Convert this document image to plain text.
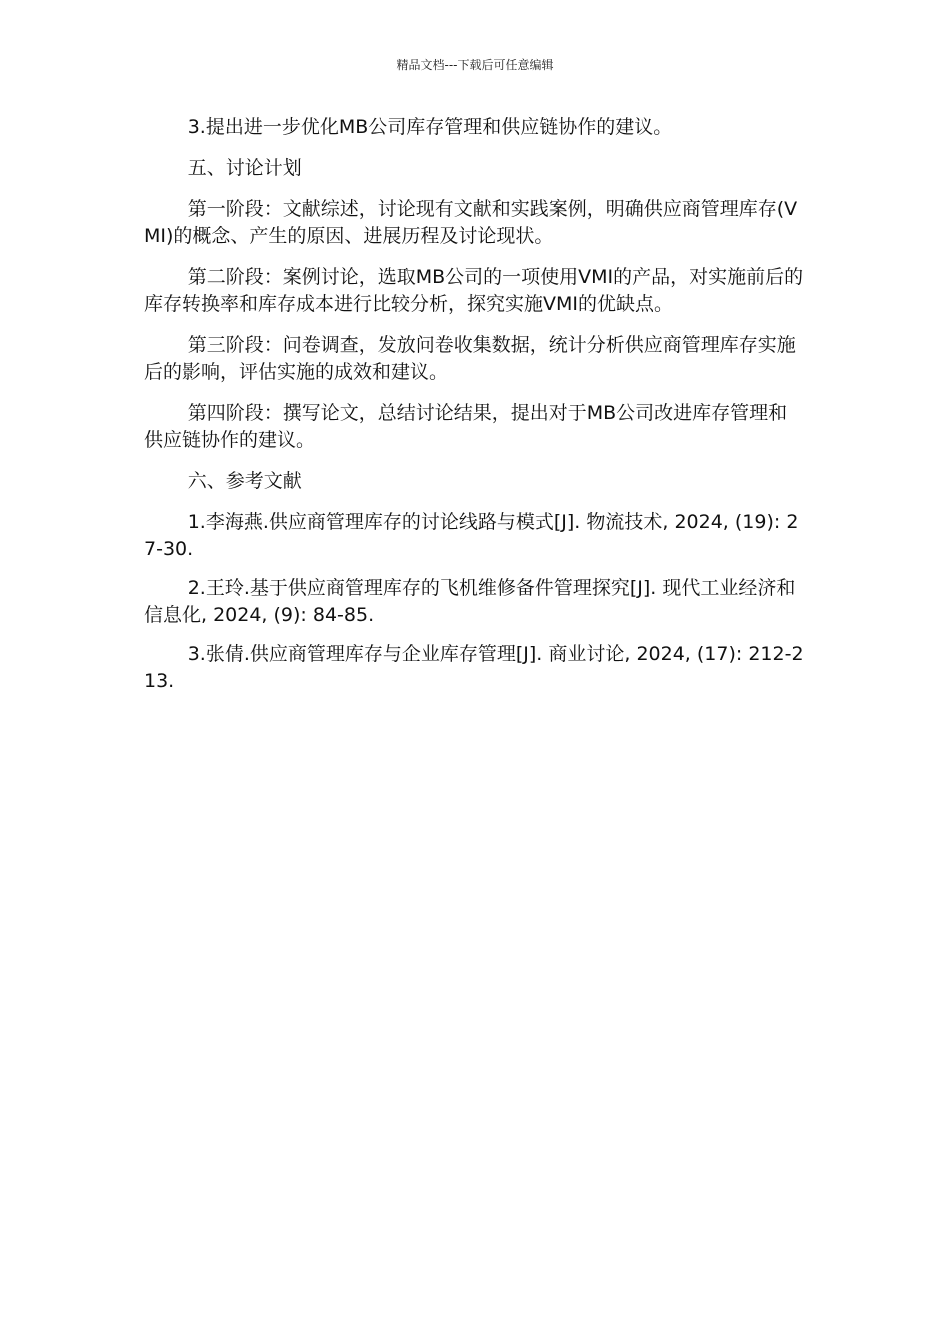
精品文档---下载后可任意编辑

3.提出进一步优化MB公司库存管理和供应链协作的建议。

五、讨论计划

第一阶段：文献综述，讨论现有文献和实践案例，明确供应商管理库存(VMI)的概念、产生的原因、进展历程及讨论现状。

第二阶段：案例讨论，选取MB公司的一项使用VMI的产品，对实施前后的库存转换率和库存成本进行比较分析，探究实施VMI的优缺点。

第三阶段：问卷调查，发放问卷收集数据，统计分析供应商管理库存实施后的影响，评估实施的成效和建议。

第四阶段：撰写论文，总结讨论结果，提出对于MB公司改进库存管理和供应链协作的建议。

六、参考文献

1.李海燕.供应商管理库存的讨论线路与模式[J]. 物流技术, 2024, (19): 27-30.

2.王玲.基于供应商管理库存的飞机维修备件管理探究[J]. 现代工业经济和信息化, 2024, (9): 84-85.

3.张倩.供应商管理库存与企业库存管理[J]. 商业讨论, 2024, (17): 212-213.
